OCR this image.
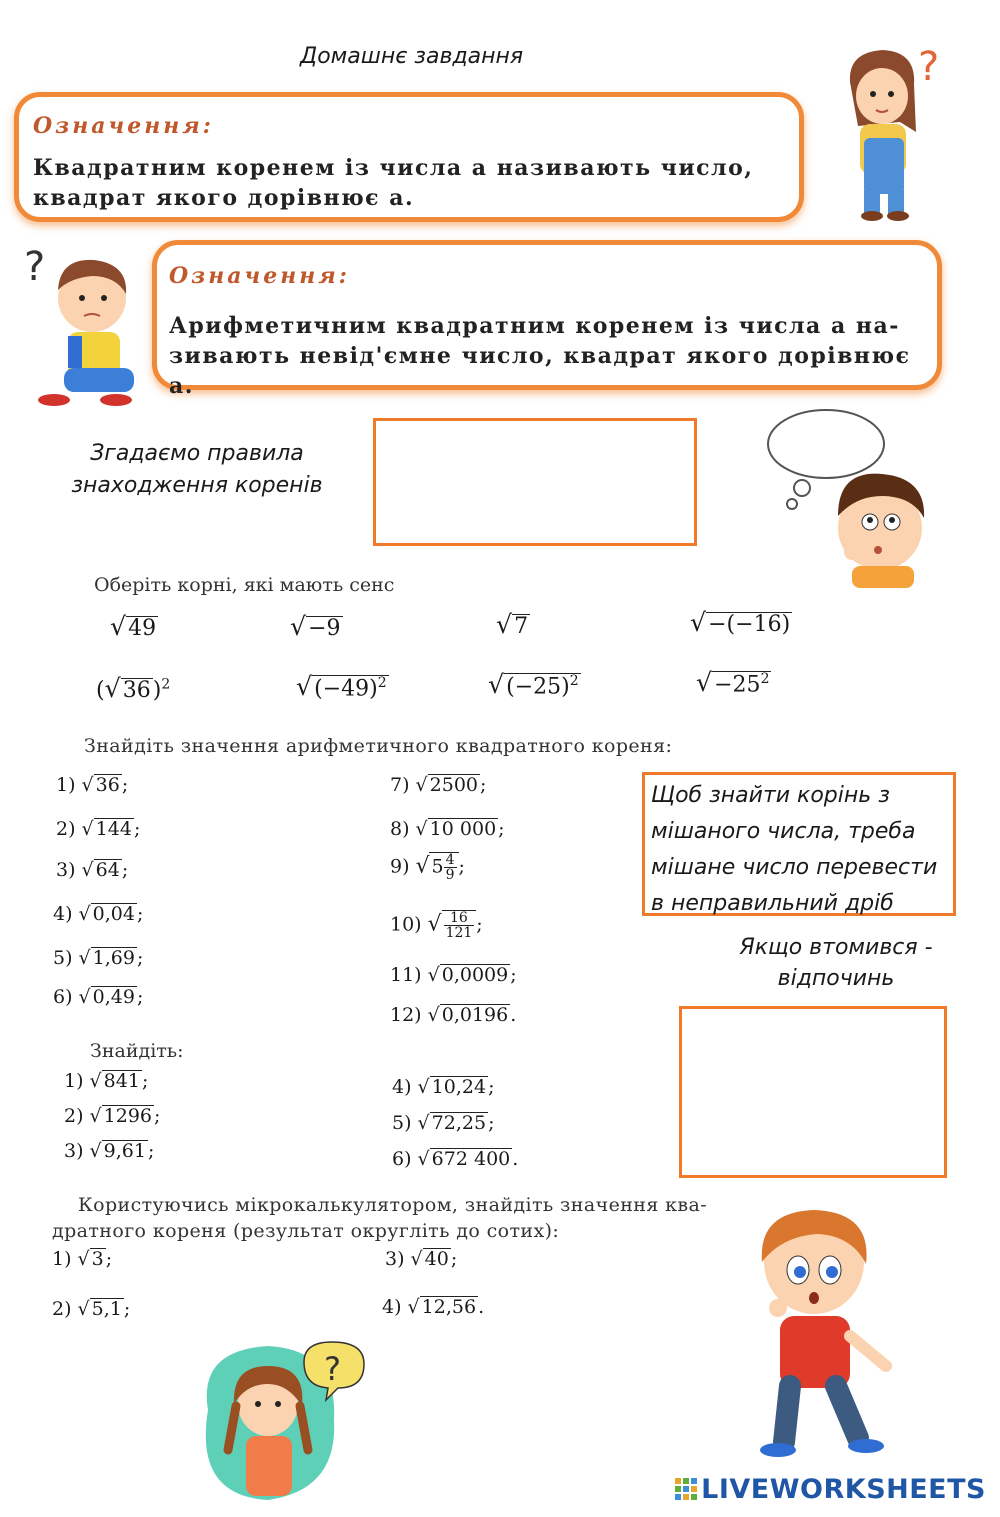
Домашнє завдання
Означення:
Квадратним коренем із числа a називають число, квадрат якого дорівнює a.
?
?	Означення:
Арифметичним квадратним коренем із числа a на-зивають невід'ємне число, квадрат якого дорівнює a.
Згадаємо правила знаходження коренів
Оберіть корні, які мають сенс
√49	√−9	√7	√−(−16)
$(√36)^2$	$√(-49)^2$	$√(-25)^2$	$√-25^2$
Знайдіть значення арифметичного квадратного кореня:
1) √ 36 ;
2) √ 144 ;
3) √ 64 ;
4) √ 0,04 ;
5) √ 1,69 ;
6) √ 0,49 ;
7) √ 2500 ;
8) √ 10 000 ;
9) √ $5 \frac{4}{9}$ ;
10) √ $\frac{16}{121}$ ;
11) √ 0,0009 ;
12) √ 0,0196 .
Щоб знайти корінь з мішаного числа, треба мішане число перевести в неправильний дріб
Якщо втомився - відпочинь
Знайдіть:
1) √ 841 ;
2) √ 1296 ;
3) √ 9,61 ;
4) √ 10,24 ;
5) √ 72,25 ;
6) √ 672 400 .
Користуючись мікрокалькулятором, знайдіть значення ква-дратного кореня (результат округліть до сотих):
1) √ 3 ;
2) √ 5,1 ;
3) √ 40 ;
4) √ 12,56 .
?
LIVEWORKSHEETS
